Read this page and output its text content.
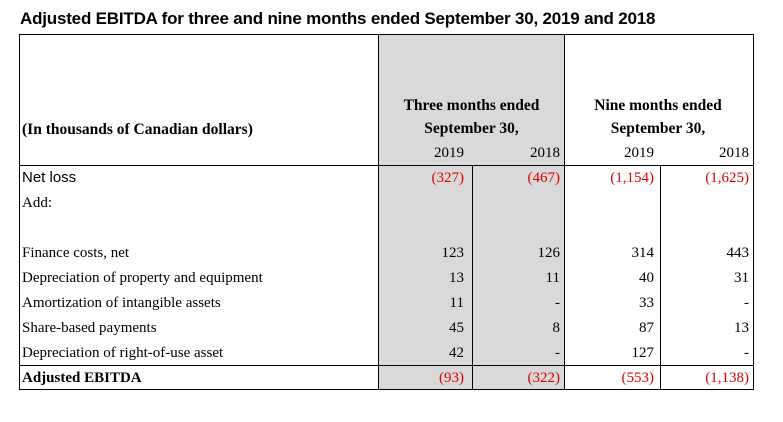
Adjusted EBITDA for three and nine months ended September 30, 2019 and 2018
(In thousands of Canadian dollars)
Three months ended
September 30,
Nine months ended
September 30,
2019	2018	2019	2018
Net loss	(327)	(467)	(1,154)	(1,625)
Add:
Finance costs, net	123	126	314	443
Depreciation of property and equipment	13	11	40	31
Amortization of intangible assets	11	-	33	-
Share-based payments	45	8	87	13
Depreciation of right-of-use asset	42	-	127	-
Adjusted EBITDA	(93)	(322)	(553)	(1,138)
